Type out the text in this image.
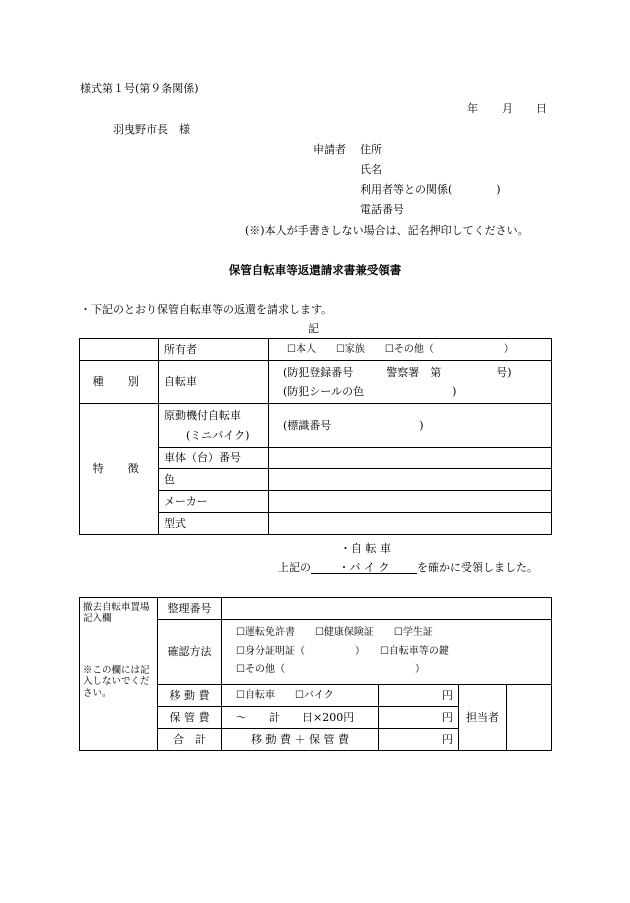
様式第１号(第９条関係)
年 月 日
羽曳野市長　様
申請者 住所
氏名
利用者等との関係(　　　　)
電話番号
(※)本人が手書きしない場合は、記名押印してください。
保管自転車等返還請求書兼受領書
・下記のとおり保管自転車等の返還を請求します。
記
	所有者	☐本人　　☐家族　　☐その他（　　　　　　　）
種　別	自転車	(防犯登録番号　　　警察署　第　　　　　号)
(防犯シールの色　　　　　　　　)

特　徴	原動機付自転車
(ミニバイク)	(標識番号　　　　　　　　)
	車体（台）番号	
	色	
	メーカー	
	型式	
・自 転 車
上記の	・バ イ ク	を確かに受領しました。
撤去自転車置場記入欄
※この欄には記入しないでください。	整理番号				
	確認方法	☐運転免許書　　☐健康保険証　　☐学生証
☐身分証明証（　　　　　）　　☐自転車等の鍵
☐その他（　　　　　　　　　　　　　）			

	移 動 費	☐自転車　　☐バイク	円	担当者	
	保 管 費	～　　計　　日×200円	円		
	合　計	移 動 費 ＋ 保 管 費	円		
